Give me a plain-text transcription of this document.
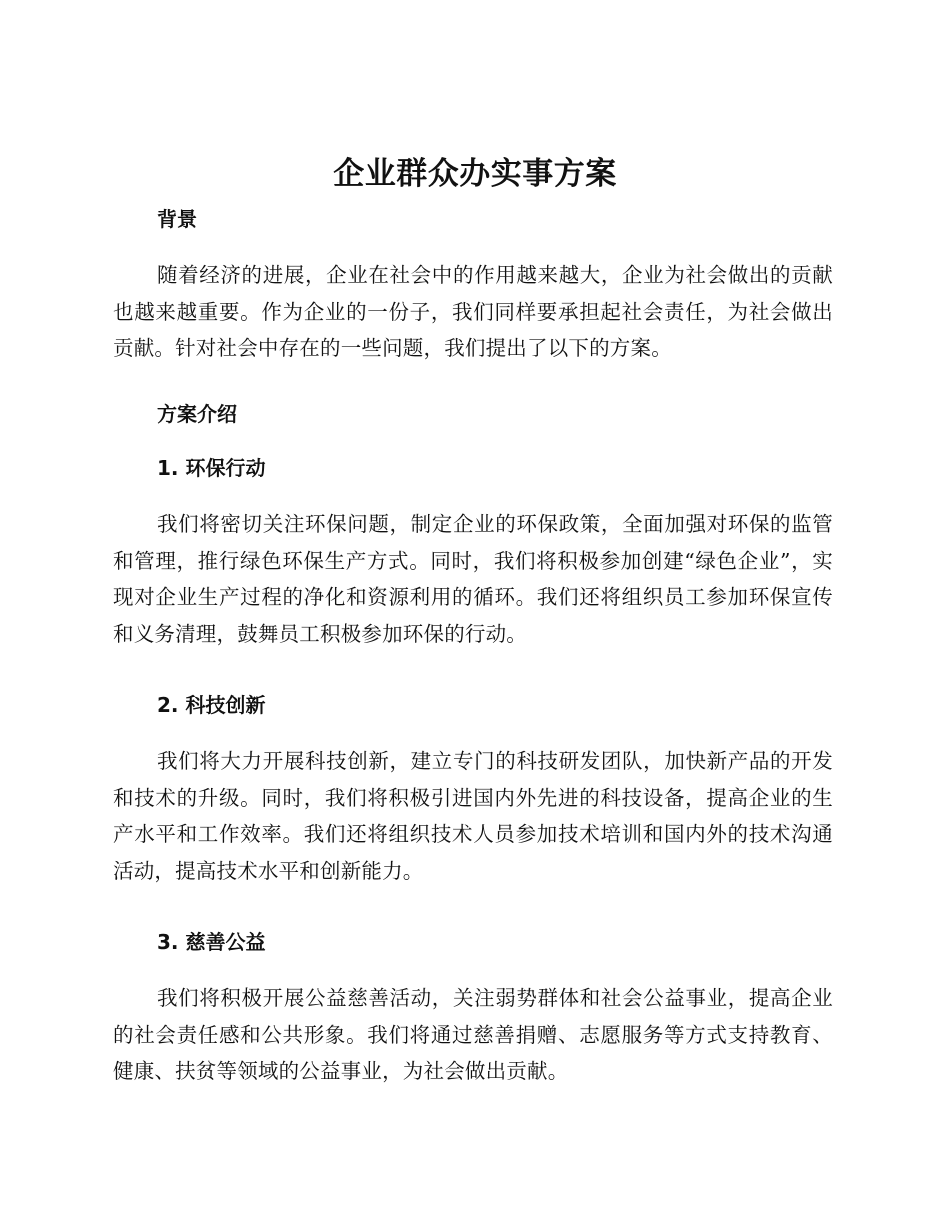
企业群众办实事方案
背景

随着经济的进展，企业在社会中的作用越来越大，企业为社会做出的贡献也越来越重要。作为企业的一份子，我们同样要承担起社会责任，为社会做出贡献。针对社会中存在的一些问题，我们提出了以下的方案。

方案介绍
1. 环保行动

我们将密切关注环保问题，制定企业的环保政策，全面加强对环保的监管和管理，推行绿色环保生产方式。同时，我们将积极参加创建“绿色企业”，实现对企业生产过程的净化和资源利用的循环。我们还将组织员工参加环保宣传和义务清理，鼓舞员工积极参加环保的行动。

2. 科技创新

我们将大力开展科技创新，建立专门的科技研发团队，加快新产品的开发和技术的升级。同时，我们将积极引进国内外先进的科技设备，提高企业的生产水平和工作效率。我们还将组织技术人员参加技术培训和国内外的技术沟通活动，提高技术水平和创新能力。

3. 慈善公益

我们将积极开展公益慈善活动，关注弱势群体和社会公益事业，提高企业的社会责任感和公共形象。我们将通过慈善捐赠、志愿服务等方式支持教育、健康、扶贫等领域的公益事业，为社会做出贡献。
